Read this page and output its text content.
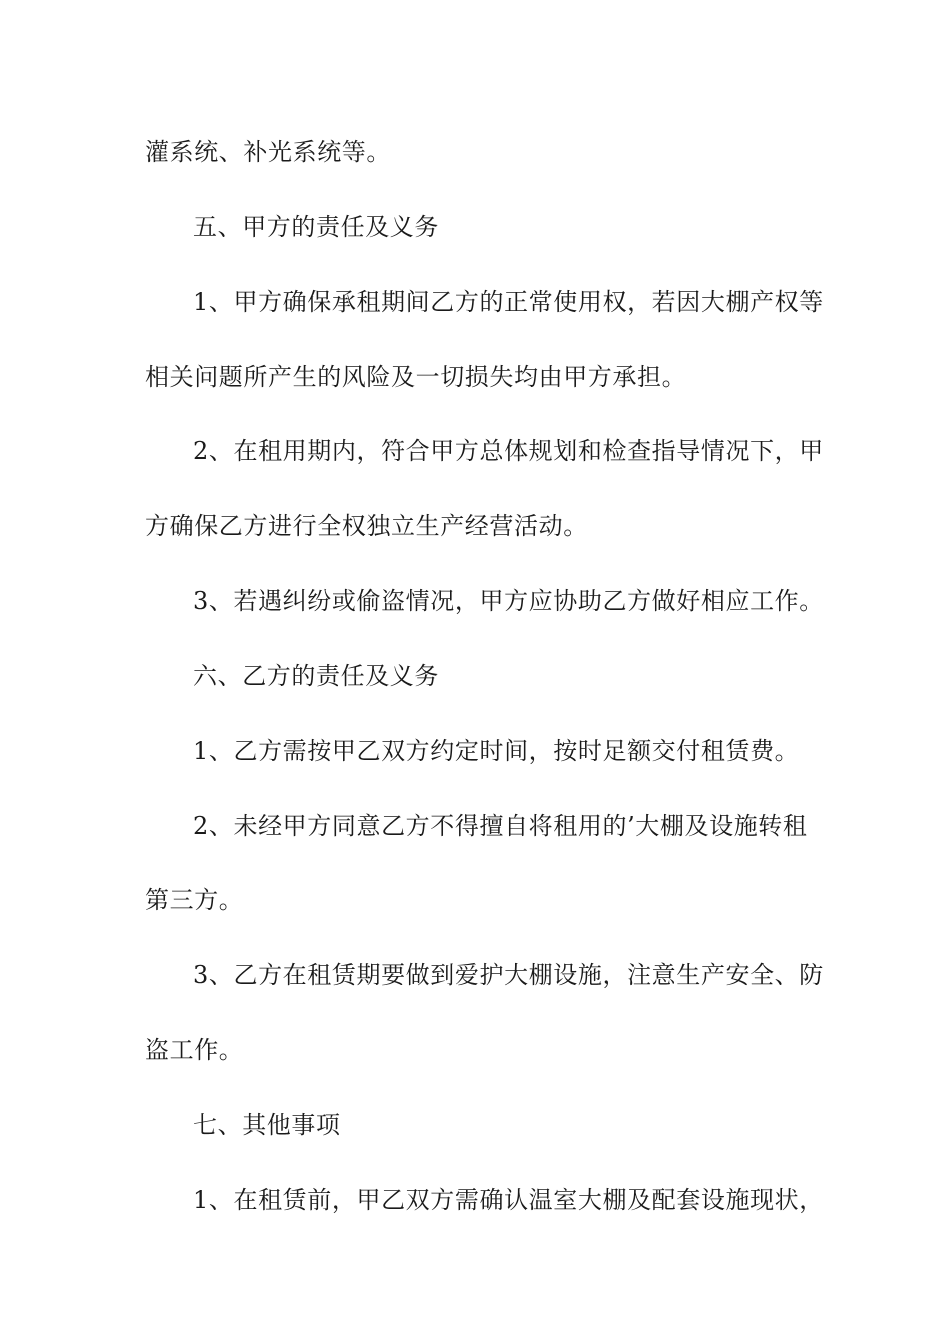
灌系统、补光系统等。
五、甲方的责任及义务
1、甲方确保承租期间乙方的正常使用权，若因大棚产权等
相关问题所产生的风险及一切损失均由甲方承担。
2、在租用期内，符合甲方总体规划和检查指导情况下，甲
方确保乙方进行全权独立生产经营活动。
3、若遇纠纷或偷盗情况，甲方应协助乙方做好相应工作。
六、乙方的责任及义务
1、乙方需按甲乙双方约定时间，按时足额交付租赁费。
2、未经甲方同意乙方不得擅自将租用的’大棚及设施转租
第三方。
3、乙方在租赁期要做到爱护大棚设施，注意生产安全、防
盗工作。
七、其他事项
1、在租赁前，甲乙双方需确认温室大棚及配套设施现状，
